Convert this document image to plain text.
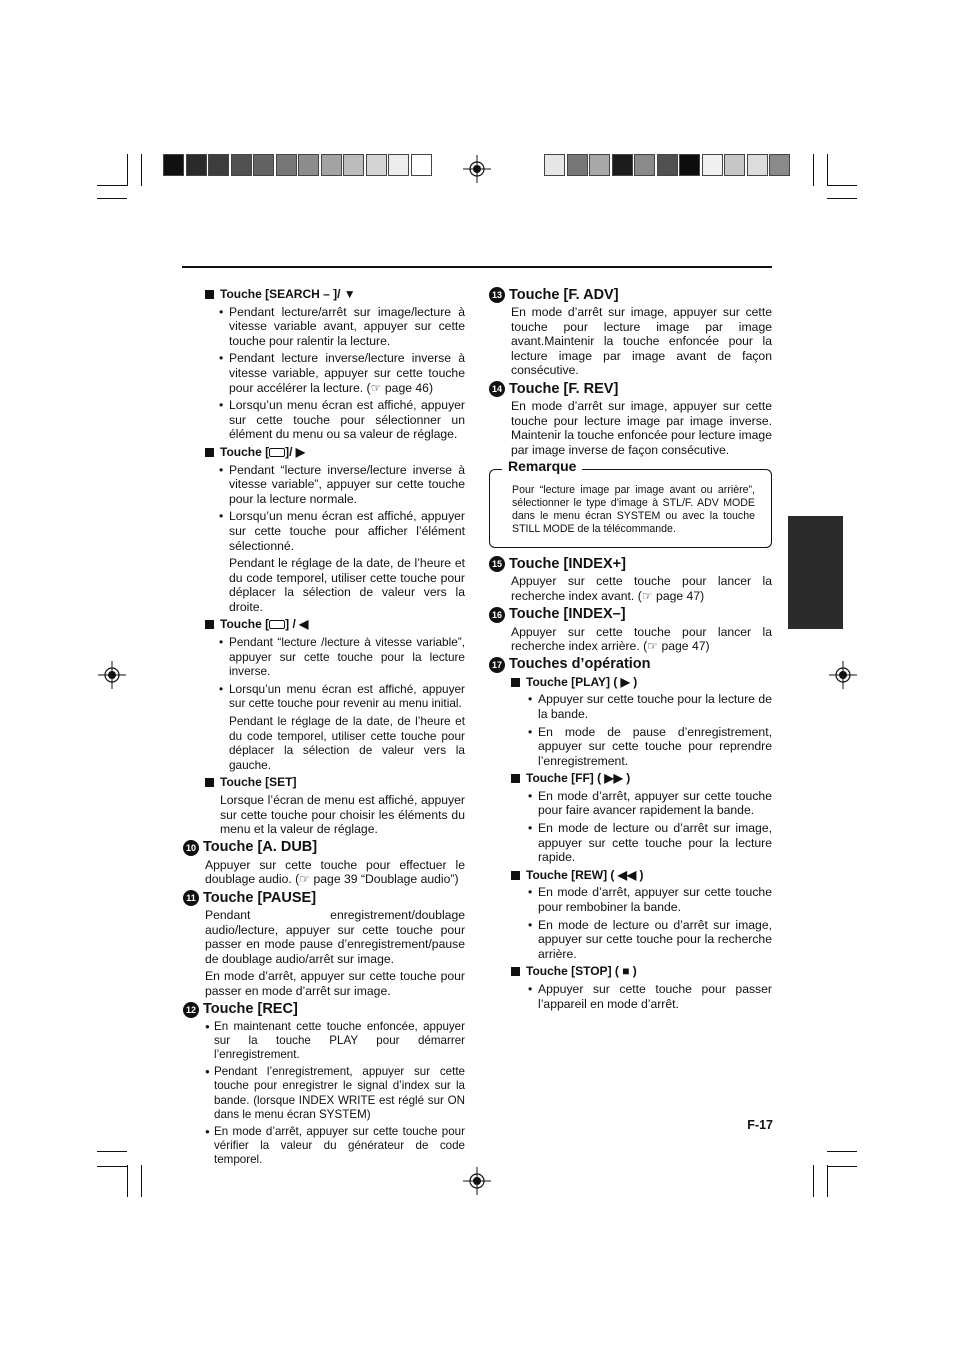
Touche [SEARCH – ]/ ▼
• Pendant lecture/arrêt sur image/lecture à vitesse variable avant, appuyer sur cette touche pour ralentir la lecture.
• Pendant lecture inverse/lecture inverse à vitesse variable, appuyer sur cette touche pour accélérer la lecture. (☞ page 46)
• Lorsqu’un menu écran est affiché, appuyer sur cette touche pour sélectionner un élément du menu ou sa valeur de réglage.
Touche [ ]/ ▶
• Pendant “lecture inverse/lecture inverse à vitesse variable”, appuyer sur cette touche pour la lecture normale.
• Lorsqu’un menu écran est affiché, appuyer sur cette touche pour afficher l’élément sélectionné.
Pendant le réglage de la date, de l’heure et du code temporel, utiliser cette touche pour déplacer la sélection de valeur vers la droite.
Touche [ ] / ◀
• Pendant “lecture /lecture à vitesse variable”, appuyer sur cette touche pour la lecture inverse.
• Lorsqu’un menu écran est affiché, appuyer sur cette touche pour revenir au menu initial.
Pendant le réglage de la date, de l’heure et du code temporel, utiliser cette touche pour déplacer la sélection de valeur vers la gauche.
Touche [SET]
Lorsque l’écran de menu est affiché, appuyer sur cette touche pour choisir les éléments du menu et la valeur de réglage.
10 Touche [A. DUB]
Appuyer sur cette touche pour effectuer le doublage audio. (☞ page 39 “Doublage audio”)
11 Touche [PAUSE]
Pendant enregistrement/doublage audio/lecture, appuyer sur cette touche pour passer en mode pause d’enregistrement/pause de doublage audio/arrêt sur image.
En mode d’arrêt, appuyer sur cette touche pour passer en mode d’arrêt sur image.
12 Touche [REC]
● En maintenant cette touche enfoncée, appuyer sur la touche PLAY pour démarrer l’enregistrement.
● Pendant l’enregistrement, appuyer sur cette touche pour enregistrer le signal d’index sur la bande. (lorsque INDEX WRITE est réglé sur ON dans le menu écran SYSTEM)
● En mode d’arrêt, appuyer sur cette touche pour vérifier la valeur du générateur de code temporel.
13 Touche [F. ADV]
En mode d’arrêt sur image, appuyer sur cette touche pour lecture image par image avant.Maintenir la touche enfoncée pour la lecture image par image avant de façon consécutive.
14 Touche [F. REV]
En mode d’arrêt sur image, appuyer sur cette touche pour lecture image par image inverse. Maintenir la touche enfoncée pour lecture image par image inverse de façon consécutive.
Remarque
Pour “lecture image par image avant ou arrière”, sélectionner le type d’image à STL/F. ADV MODE dans le menu écran SYSTEM ou avec la touche STILL MODE de la télécommande.
15 Touche [INDEX+]
Appuyer sur cette touche pour lancer la recherche index avant. (☞ page 47)
16 Touche [INDEX–]
Appuyer sur cette touche pour lancer la recherche index arrière. (☞ page 47)
17 Touches d’opération
Touche [PLAY] ( ▶ )
• Appuyer sur cette touche pour la lecture de la bande.
• En mode de pause d’enregistrement, appuyer sur cette touche pour reprendre l’enregistrement.
Touche [FF] ( ▶▶ )
• En mode d’arrêt, appuyer sur cette touche pour faire avancer rapidement la bande.
• En mode de lecture ou d’arrêt sur image, appuyer sur cette touche pour la lecture rapide.
Touche [REW] ( ◀◀ )
• En mode d’arrêt, appuyer sur cette touche pour rembobiner la bande.
• En mode de lecture ou d’arrêt sur image, appuyer sur cette touche pour la recherche arrière.
Touche [STOP] ( ■ )
• Appuyer sur cette touche pour passer l’appareil en mode d’arrêt.
F-17
